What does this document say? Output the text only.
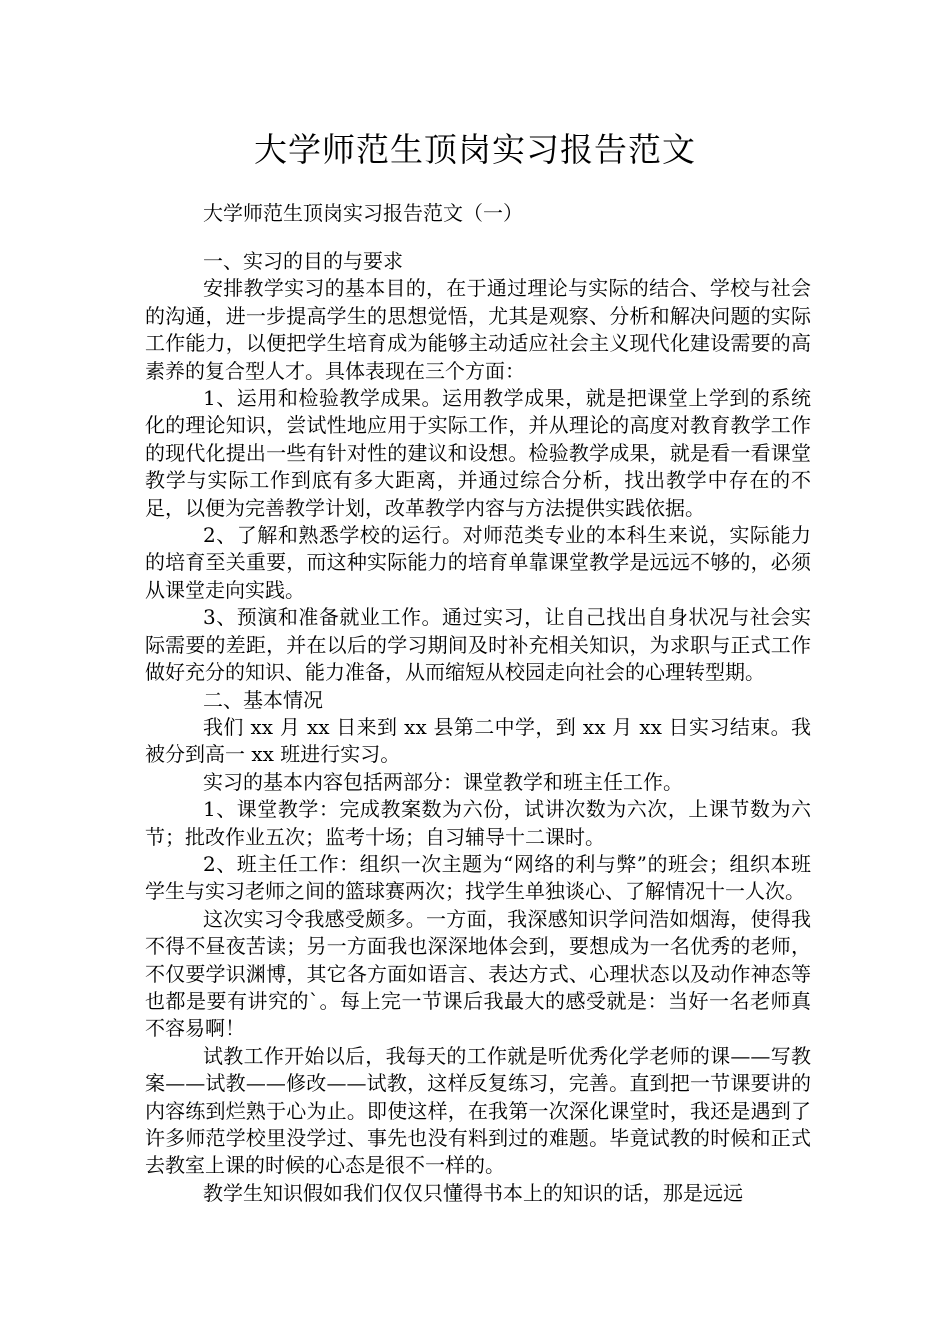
大学师范生顶岗实习报告范文
大学师范生顶岗实习报告范文（一）

一、实习的目的与要求

安排教学实习的基本目的，在于通过理论与实际的结合、学校与社会的沟通，进一步提高学生的思想觉悟，尤其是观察、分析和解决问题的实际工作能力，以便把学生培育成为能够主动适应社会主义现代化建设需要的高素养的复合型人才。具体表现在三个方面：

1、运用和检验教学成果。运用教学成果，就是把课堂上学到的系统化的理论知识，尝试性地应用于实际工作，并从理论的高度对教育教学工作的现代化提出一些有针对性的建议和设想。检验教学成果，就是看一看课堂教学与实际工作到底有多大距离，并通过综合分析，找出教学中存在的不足，以便为完善教学计划，改革教学内容与方法提供实践依据。

2、了解和熟悉学校的运行。对师范类专业的本科生来说，实际能力的培育至关重要，而这种实际能力的培育单靠课堂教学是远远不够的，必须从课堂走向实践。

3、预演和准备就业工作。通过实习，让自己找出自身状况与社会实际需要的差距，并在以后的学习期间及时补充相关知识，为求职与正式工作做好充分的知识、能力准备，从而缩短从校园走向社会的心理转型期。

二、基本情况

我们 xx 月 xx 日来到 xx 县第二中学，到 xx 月 xx 日实习结束。我被分到高一 xx 班进行实习。

实习的基本内容包括两部分：课堂教学和班主任工作。

1、课堂教学：完成教案数为六份，试讲次数为六次，上课节数为六节；批改作业五次；监考十场；自习辅导十二课时。

2、班主任工作：组织一次主题为“网络的利与弊”的班会；组织本班学生与实习老师之间的篮球赛两次；找学生单独谈心、了解情况十一人次。

这次实习令我感受颇多。一方面，我深感知识学问浩如烟海，使得我不得不昼夜苦读；另一方面我也深深地体会到，要想成为一名优秀的老师，不仅要学识渊博，其它各方面如语言、表达方式、心理状态以及动作神态等也都是要有讲究的`。每上完一节课后我最大的感受就是：当好一名老师真不容易啊！

试教工作开始以后，我每天的工作就是听优秀化学老师的课——写教案——试教——修改——试教，这样反复练习，完善。直到把一节课要讲的内容练到烂熟于心为止。即使这样，在我第一次深化课堂时，我还是遇到了许多师范学校里没学过、事先也没有料到过的难题。毕竟试教的时候和正式去教室上课的时候的心态是很不一样的。

教学生知识假如我们仅仅只懂得书本上的知识的话，那是远远
